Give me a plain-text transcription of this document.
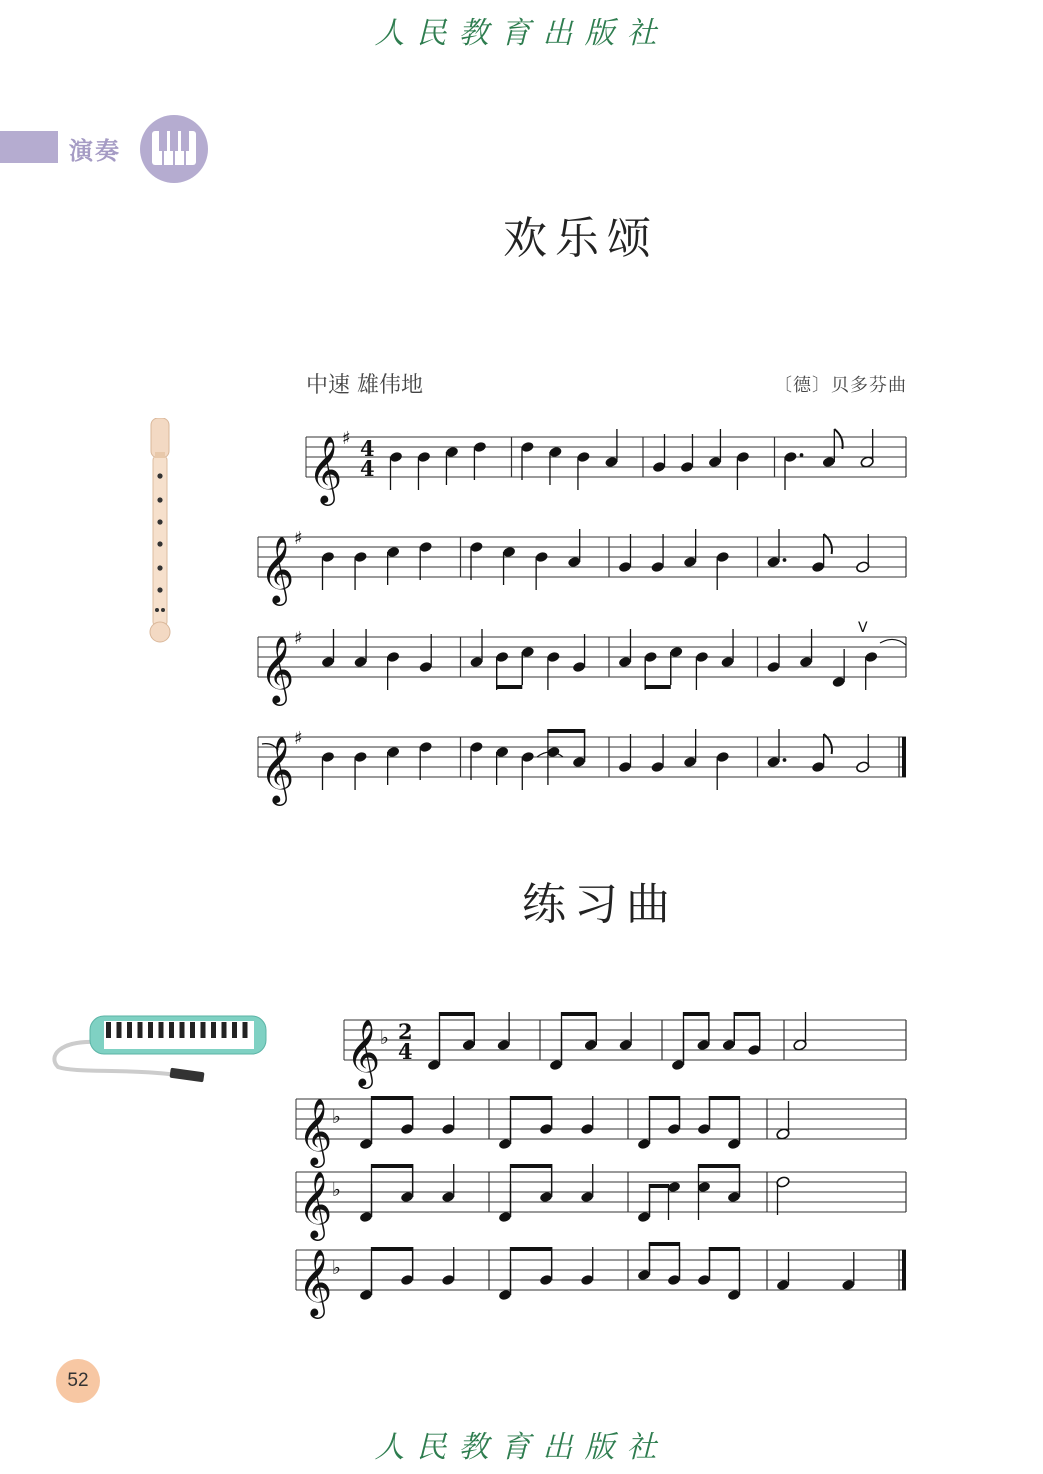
人民教育出版社
演奏
欢乐颂
中速 雄伟地	〔德〕贝多芬曲
𝄞 ♯ 4
4
𝄞 ♯
𝄞 ♯
𝄞 ♯
V
练习曲
𝄞 ♭ 2
4
𝄞 ♭
𝄞 ♭
𝄞 ♭
52
人民教育出版社
